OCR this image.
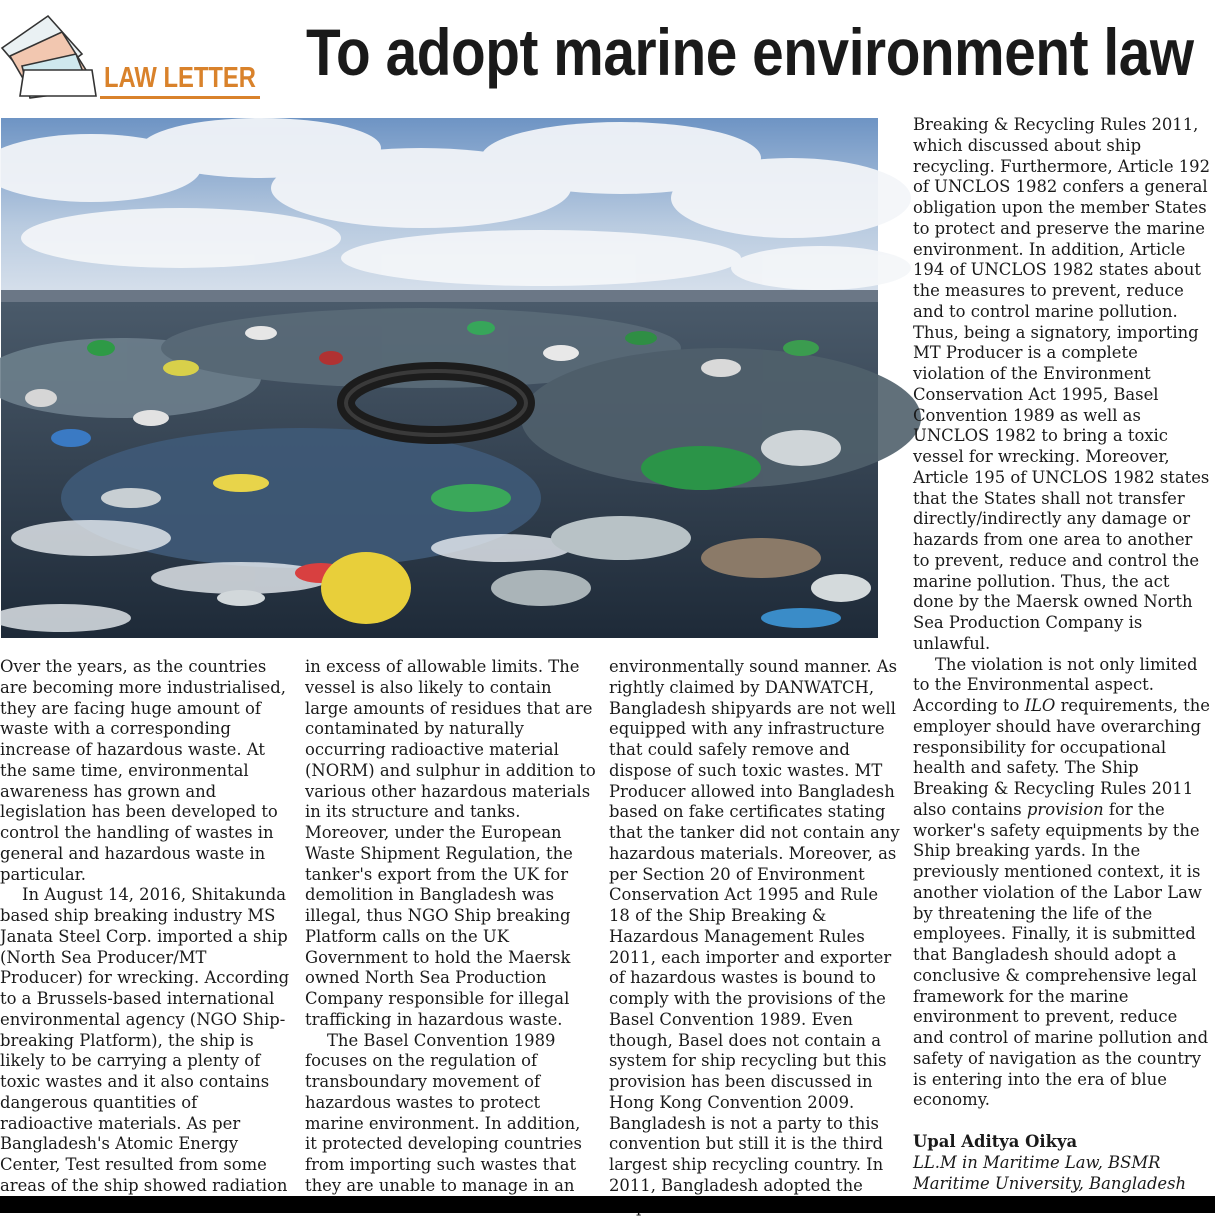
LAW LETTER To adopt marine environment law

Over the years, as the countries are becoming more industrialised, they are facing huge amount of waste with a corresponding increase of hazardous waste. At the same time, environmental awareness has grown and legislation has been developed to control the handling of wastes in general and hazardous waste in particular.

In August 14, 2016, Shitakunda based ship breaking industry MS Janata Steel Corp. imported a ship (North Sea Producer/MT Producer) for wrecking. According to a Brussels-based international environmental agency (NGO Ship-breaking Platform), the ship is likely to be carrying a plenty of toxic wastes and it also contains dangerous quantities of radioactive materials. As per Bangladesh's Atomic Energy Center, Test resulted from some areas of the ship showed radiation

in excess of allowable limits. The vessel is also likely to contain large amounts of residues that are contaminated by naturally occurring radioactive material (NORM) and sulphur in addition to various other hazardous materials in its structure and tanks. Moreover, under the European Waste Shipment Regulation, the tanker's export from the UK for demolition in Bangladesh was illegal, thus NGO Ship breaking Platform calls on the UK Government to hold the Maersk owned North Sea Production Company responsible for illegal trafficking in hazardous waste.

The Basel Convention 1989 focuses on the regulation of transboundary movement of hazardous wastes to protect marine environment. In addition, it protected developing countries from importing such wastes that they are unable to manage in an

environmentally sound manner. As rightly claimed by DANWATCH, Bangladesh shipyards are not well equipped with any infrastructure that could safely remove and dispose of such toxic wastes. MT Producer allowed into Bangladesh based on fake certificates stating that the tanker did not contain any hazardous materials. Moreover, as per Section 20 of Environment Conservation Act 1995 and Rule 18 of the Ship Breaking & Hazardous Management Rules 2011, each importer and exporter of hazardous wastes is bound to comply with the provisions of the Basel Convention 1989. Even though, Basel does not contain a system for ship recycling but this provision has been discussed in Hong Kong Convention 2009. Bangladesh is not a party to this convention but still it is the third largest ship recycling country. In 2011, Bangladesh adopted the

Breaking & Recycling Rules 2011, which discussed about ship recycling. Furthermore, Article 192 of UNCLOS 1982 confers a general obligation upon the member States to protect and preserve the marine environment. In addition, Article 194 of UNCLOS 1982 states about the measures to prevent, reduce and to control marine pollution. Thus, being a signatory, importing MT Producer is a complete violation of the Environment Conservation Act 1995, Basel Convention 1989 as well as UNCLOS 1982 to bring a toxic vessel for wrecking. Moreover, Article 195 of UNCLOS 1982 states that the States shall not transfer directly/indirectly any damage or hazards from one area to another to prevent, reduce and control the marine pollution. Thus, the act done by the Maersk owned North Sea Production Company is unlawful.

The violation is not only limited to the Environmental aspect. According to ILO requirements, the employer should have overarching responsibility for occupational health and safety. The Ship Breaking & Recycling Rules 2011 also contains provision for the worker's safety equipments by the Ship breaking yards. In the previously mentioned context, it is another violation of the Labor Law by threatening the life of the employees. Finally, it is submitted that Bangladesh should adopt a conclusive & comprehensive legal framework for the marine environment to prevent, reduce and control of marine pollution and safety of navigation as the country is entering into the era of blue economy.

Upal Aditya Oikya

LL.M in Maritime Law, BSMR

Maritime University, Bangladesh
